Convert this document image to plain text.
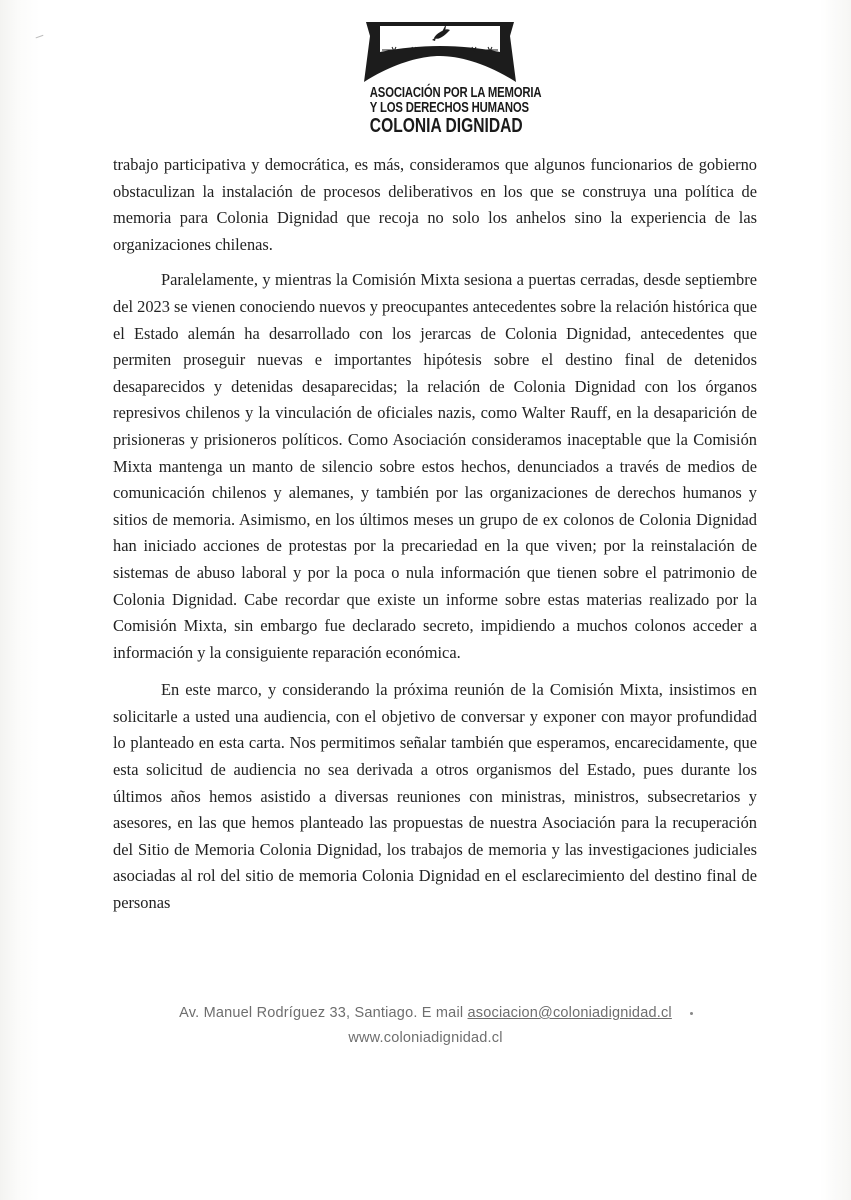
ASOCIACIÓN POR LA MEMORIA
Y LOS DERECHOS HUMANOS
COLONIA DIGNIDAD

trabajo participativa y democrática, es más, consideramos que algunos funcionarios de gobierno obstaculizan la instalación de procesos deliberativos en los que se construya una política de memoria para Colonia Dignidad que recoja no solo los anhelos sino la experiencia de las organizaciones chilenas.

Paralelamente, y mientras la Comisión Mixta sesiona a puertas cerradas, desde septiembre del 2023 se vienen conociendo nuevos y preocupantes antecedentes sobre la relación histórica que el Estado alemán ha desarrollado con los jerarcas de Colonia Dignidad, antecedentes que permiten proseguir nuevas e importantes hipótesis sobre el destino final de detenidos desaparecidos y detenidas desaparecidas; la relación de Colonia Dignidad con los órganos represivos chilenos y la vinculación de oficiales nazis, como Walter Rauff, en la desaparición de prisioneras y prisioneros políticos. Como Asociación consideramos inaceptable que la Comisión Mixta mantenga un manto de silencio sobre estos hechos, denunciados a través de medios de comunicación chilenos y alemanes, y también por las organizaciones de derechos humanos y sitios de memoria. Asimismo, en los últimos meses un grupo de ex colonos de Colonia Dignidad han iniciado acciones de protestas por la precariedad en la que viven; por la reinstalación de sistemas de abuso laboral y por la poca o nula información que tienen sobre el patrimonio de Colonia Dignidad. Cabe recordar que existe un informe sobre estas materias realizado por la Comisión Mixta, sin embargo fue declarado secreto, impidiendo a muchos colonos acceder a información y la consiguiente reparación económica.

En este marco, y considerando la próxima reunión de la Comisión Mixta, insistimos en solicitarle a usted una audiencia, con el objetivo de conversar y exponer con mayor profundidad lo planteado en esta carta. Nos permitimos señalar también que esperamos, encarecidamente, que esta solicitud de audiencia no sea derivada a otros organismos del Estado, pues durante los últimos años hemos asistido a diversas reuniones con ministras, ministros, subsecretarios y asesores, en las que hemos planteado las propuestas de nuestra Asociación para la recuperación del Sitio de Memoria Colonia Dignidad, los trabajos de memoria y las investigaciones judiciales asociadas al rol del sitio de memoria Colonia Dignidad en el esclarecimiento del destino final de personas

Av. Manuel Rodríguez 33, Santiago. E mail asociacion@coloniadignidad.cl
www.coloniadignidad.cl
